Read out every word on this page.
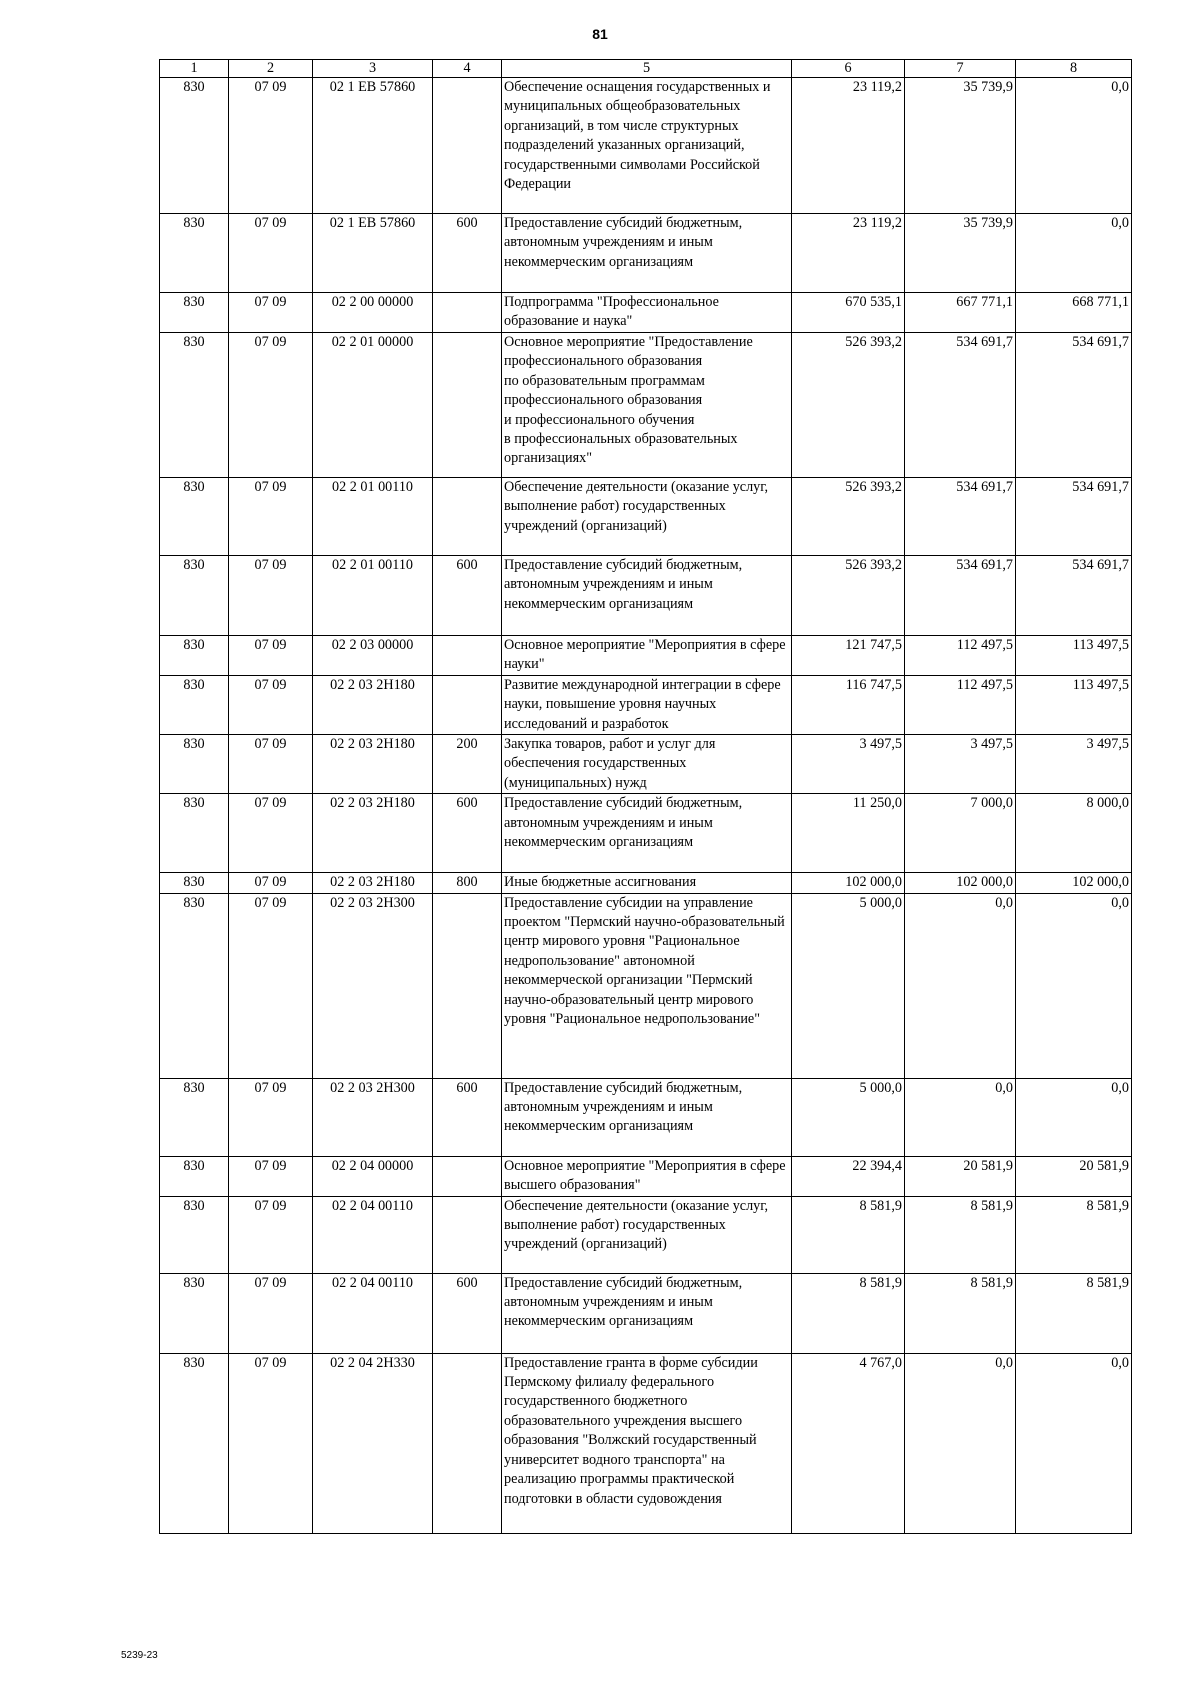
81
1	2	3	4	5	6	7	8
830	07 09	02 1 EB 57860		Обеспечение оснащения государственных и муниципальных общеобразовательных организаций, в том числе структурных подразделений указанных организаций, государственными символами Российской Федерации	23 119,2	35 739,9	0,0
830	07 09	02 1 EB 57860	600	Предоставление субсидий бюджетным, автономным учреждениям и иным некоммерческим организациям	23 119,2	35 739,9	0,0
830	07 09	02 2 00 00000		Подпрограмма "Профессиональное образование и наука"	670 535,1	667 771,1	668 771,1
830	07 09	02 2 01 00000		Основное мероприятие "Предоставление профессионального образования
по образовательным программам профессионального образования
и профессионального обучения
в профессиональных образовательных организациях"	526 393,2	534 691,7	534 691,7
830	07 09	02 2 01 00110		Обеспечение деятельности (оказание услуг, выполнение работ) государственных учреждений (организаций)	526 393,2	534 691,7	534 691,7
830	07 09	02 2 01 00110	600	Предоставление субсидий бюджетным, автономным учреждениям и иным некоммерческим организациям	526 393,2	534 691,7	534 691,7
830	07 09	02 2 03 00000		Основное мероприятие "Мероприятия в сфере науки"	121 747,5	112 497,5	113 497,5
830	07 09	02 2 03 2H180		Развитие международной интеграции в сфере науки, повышение уровня научных исследований и разработок	116 747,5	112 497,5	113 497,5
830	07 09	02 2 03 2H180	200	Закупка товаров, работ и услуг для обеспечения государственных (муниципальных) нужд	3 497,5	3 497,5	3 497,5
830	07 09	02 2 03 2H180	600	Предоставление субсидий бюджетным, автономным учреждениям и иным некоммерческим организациям	11 250,0	7 000,0	8 000,0
830	07 09	02 2 03 2H180	800	Иные бюджетные ассигнования	102 000,0	102 000,0	102 000,0
830	07 09	02 2 03 2H300		Предоставление субсидии на управление проектом "Пермский научно-образовательный центр мирового уровня "Рациональное недропользование" автономной некоммерческой организации "Пермский научно-образовательный центр мирового уровня "Рациональное недропользование"	5 000,0	0,0	0,0
830	07 09	02 2 03 2H300	600	Предоставление субсидий бюджетным, автономным учреждениям и иным некоммерческим организациям	5 000,0	0,0	0,0
830	07 09	02 2 04 00000		Основное мероприятие "Мероприятия в сфере высшего образования"	22 394,4	20 581,9	20 581,9
830	07 09	02 2 04 00110		Обеспечение деятельности (оказание услуг, выполнение работ) государственных учреждений (организаций)	8 581,9	8 581,9	8 581,9
830	07 09	02 2 04 00110	600	Предоставление субсидий бюджетным, автономным учреждениям и иным некоммерческим организациям	8 581,9	8 581,9	8 581,9
830	07 09	02 2 04 2H330		Предоставление гранта в форме субсидии Пермскому филиалу федерального государственного бюджетного образовательного учреждения высшего образования "Волжский государственный университет водного транспорта" на реализацию программы практической подготовки в области судовождения	4 767,0	0,0	0,0
5239-23
